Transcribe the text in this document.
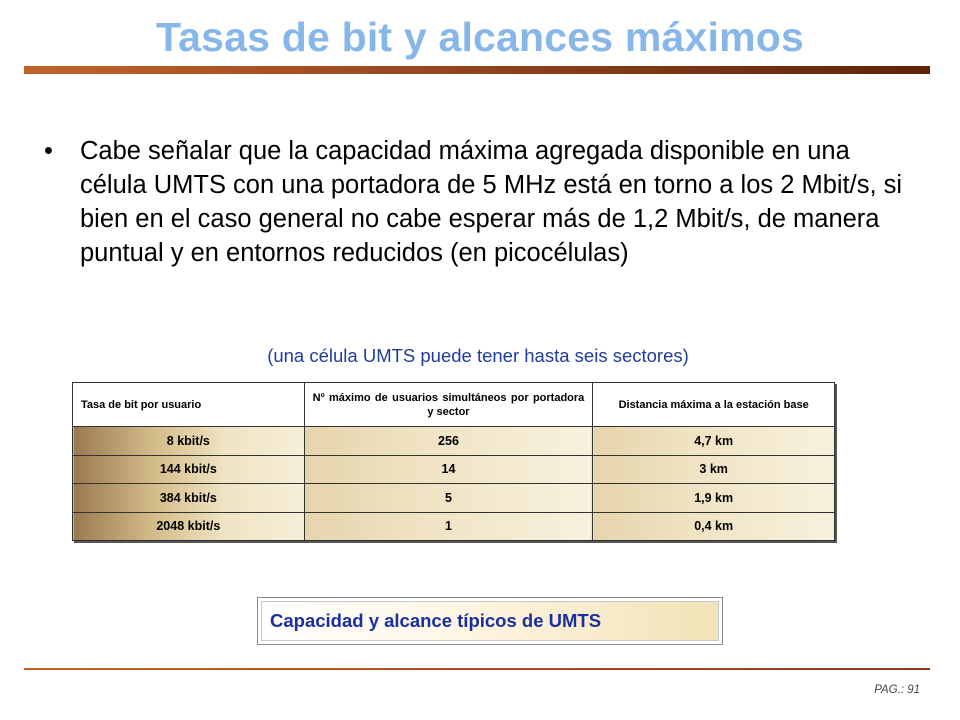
Tasas de bit y alcances máximos
• Cabe señalar que la capacidad máxima agregada disponible en una célula UMTS con una portadora de 5 MHz está en torno a los 2 Mbit/s, si bien en el caso general no cabe esperar más de 1,2 Mbit/s, de manera puntual y en entornos reducidos (en picocélulas)
(una célula UMTS puede tener hasta seis sectores)
Tasa de bit por usuario	Nº máximo de usuarios simultáneos por portadora y sector	Distancia máxima a la estación base

8 kbit/s	256	4,7 km
144 kbit/s	14	3 km
384 kbit/s	5	1,9 km
2048 kbit/s	1	0,4 km
Capacidad y alcance típicos de UMTS
PAG.: 91
